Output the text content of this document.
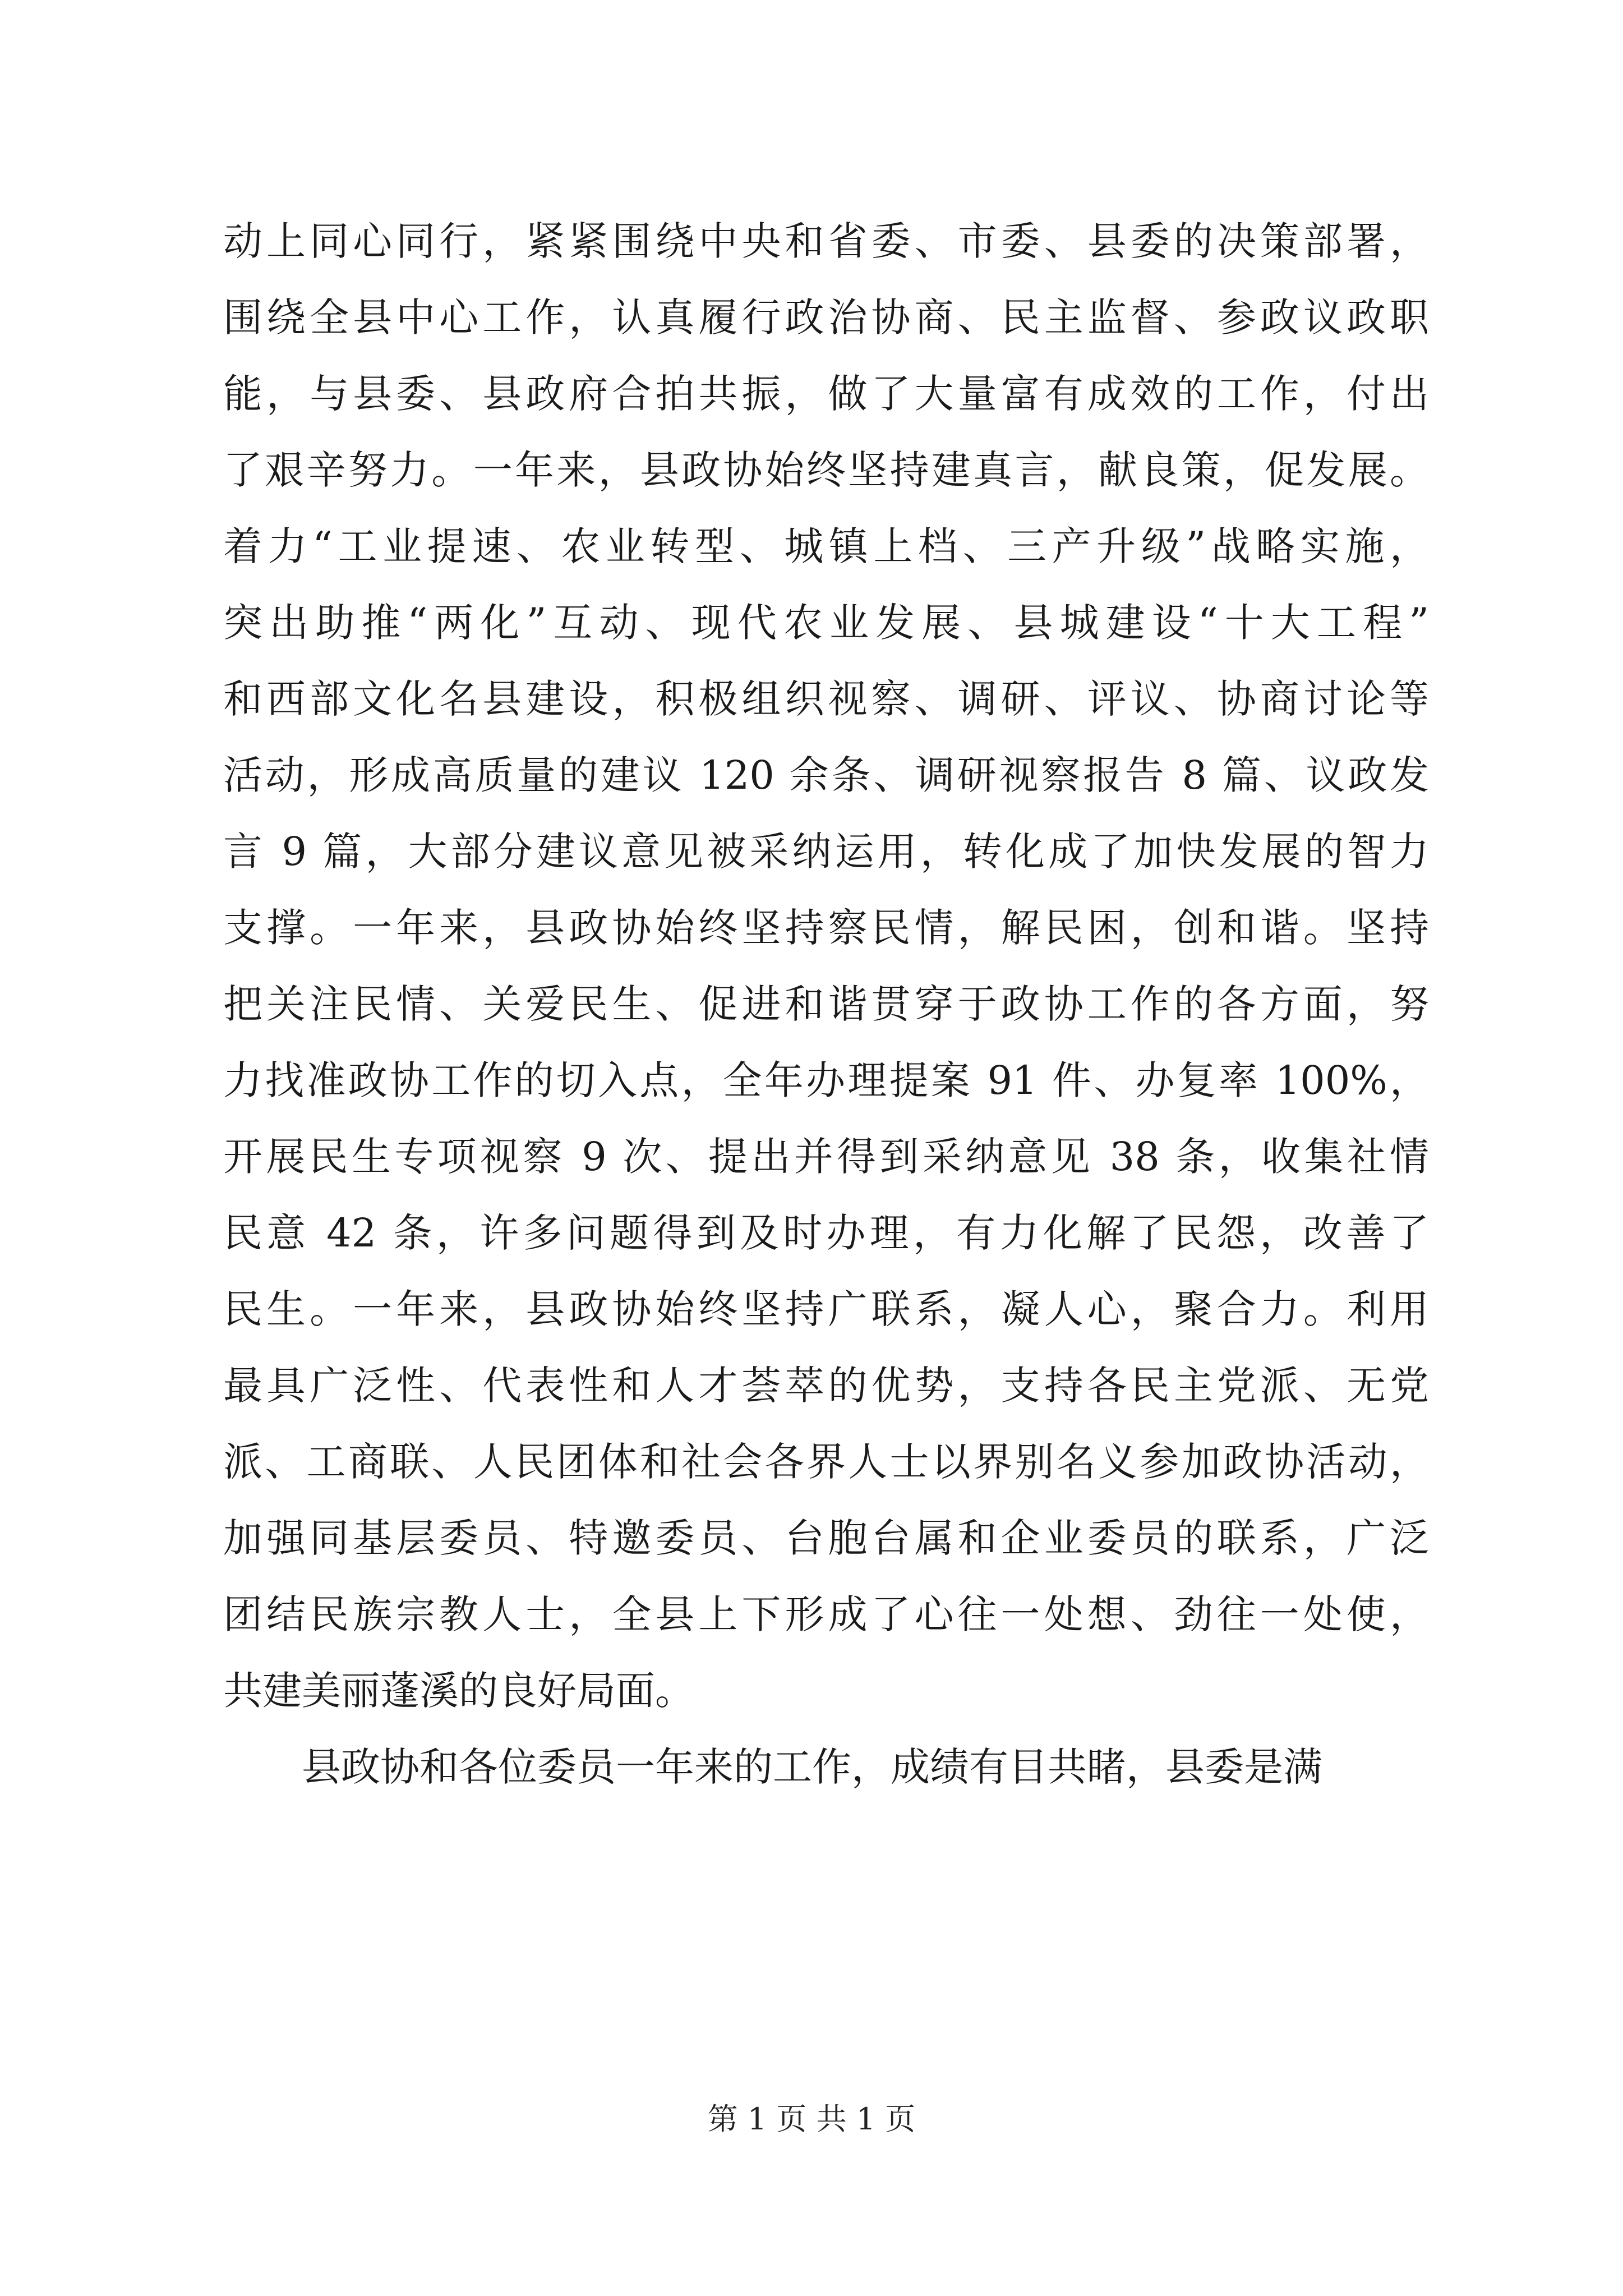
动上同心同行，紧紧围绕中央和省委、市委、县委的决策部署，
围绕全县中心工作，认真履行政治协商、民主监督、参政议政职
能，与县委、县政府合拍共振，做了大量富有成效的工作，付出
了艰辛努力。一年来，县政协始终坚持建真言，献良策，促发展。
着力“工业提速、农业转型、城镇上档、三产升级”战略实施，
突出助推“两化”互动、现代农业发展、县城建设“十大工程”
和西部文化名县建设，积极组织视察、调研、评议、协商讨论等
活动，形成高质量的建议 120 余条、调研视察报告 8 篇、议政发
言 9 篇，大部分建议意见被采纳运用，转化成了加快发展的智力
支撑。一年来，县政协始终坚持察民情，解民困，创和谐。坚持
把关注民情、关爱民生、促进和谐贯穿于政协工作的各方面，努
力找准政协工作的切入点，全年办理提案 91 件、办复率 100%，
开展民生专项视察 9 次、提出并得到采纳意见 38 条，收集社情
民意 42 条，许多问题得到及时办理，有力化解了民怨，改善了
民生。一年来，县政协始终坚持广联系，凝人心，聚合力。利用
最具广泛性、代表性和人才荟萃的优势，支持各民主党派、无党
派、工商联、人民团体和社会各界人士以界别名义参加政协活动，
加强同基层委员、特邀委员、台胞台属和企业委员的联系，广泛
团结民族宗教人士，全县上下形成了心往一处想、劲往一处使，
共建美丽蓬溪的良好局面。
县政协和各位委员一年来的工作，成绩有目共睹，县委是满
第 1 页 共 1 页
